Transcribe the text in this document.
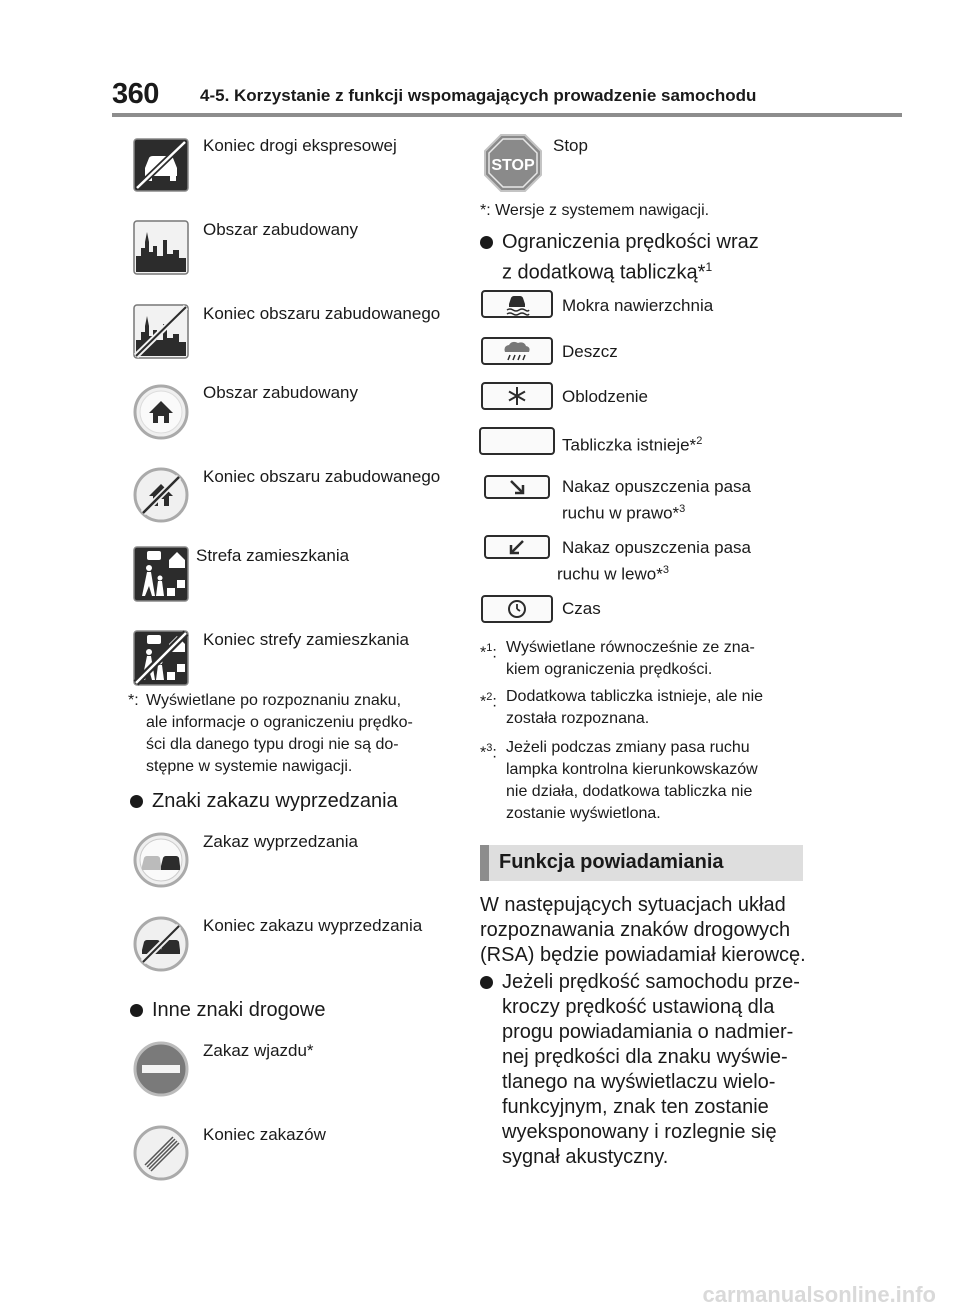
360 4-5. Korzystanie z funkcji wspomagających prowadzenie samochodu
Koniec drogi ekspresowej
Obszar zabudowany
Koniec obszaru zabudowanego
Obszar zabudowany
Koniec obszaru zabudowanego
Strefa zamieszkania
Koniec strefy zamieszkania
*: Wyświetlane po rozpoznaniu znaku,
ale informacje o ograniczeniu prędko-
ści dla danego typu drogi nie są do-
stępne w systemie nawigacji.
Znaki zakazu wyprzedzania
Zakaz wyprzedzania
Koniec zakazu wyprzedzania
Inne znaki drogowe
Zakaz wjazdu*
Koniec zakazów
STOP
Stop
*: Wersje z systemem nawigacji.
Ograniczenia prędkości wraz
z dodatkową tabliczką*$^1$
Mokra nawierzchnia
Deszcz
Oblodzenie
Tabliczka istnieje*$^2$
Nakaz opuszczenia pasa
ruchu w prawo*$^3$
Nakaz opuszczenia pasa
ruchu w lewo*$^3$
Czas
*$^1$: Wyświetlane równocześnie ze zna-
kiem ograniczenia prędkości.
*$^2$: Dodatkowa tabliczka istnieje, ale nie
została rozpoznana.
*$^3$: Jeżeli podczas zmiany pasa ruchu
lampka kontrolna kierunkowskazów
nie działa, dodatkowa tabliczka nie
zostanie wyświetlona.
Funkcja powiadamiania
W następujących sytuacjach układ
rozpoznawania znaków drogowych
(RSA) będzie powiadamiał kierowcę.
Jeżeli prędkość samochodu prze-
kroczy prędkość ustawioną dla
progu powiadamiania o nadmier-
nej prędkości dla znaku wyświe-
tlanego na wyświetlaczu wielo-
funkcyjnym, znak ten zostanie
wyeksponowany i rozlegnie się
sygnał akustyczny.
carmanualsonline.info
